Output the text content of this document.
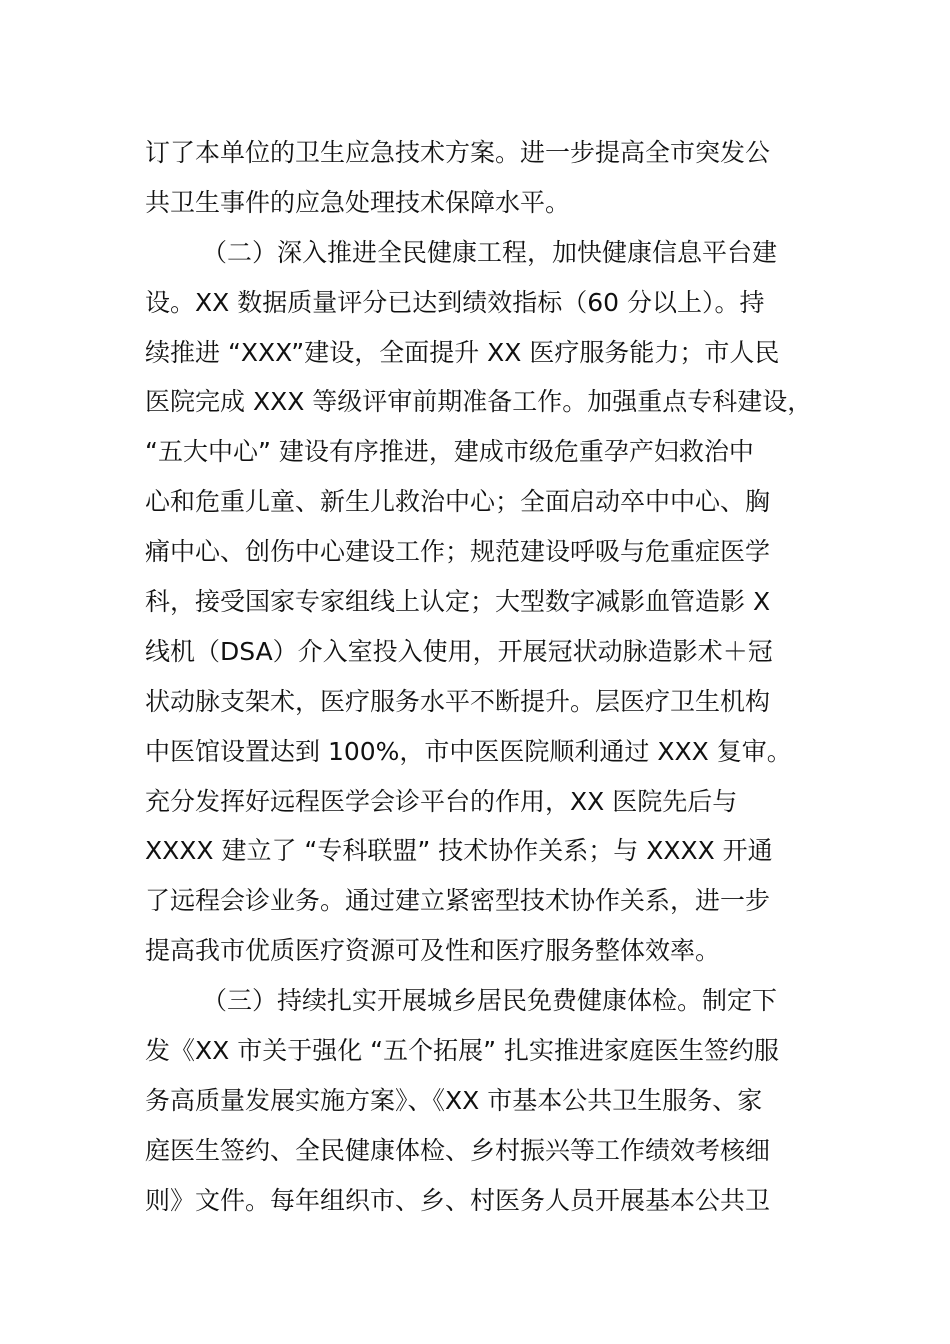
订了本单位的卫生应急技术方案。进一步提高全市突发公
共卫生事件的应急处理技术保障水平。
（二）深入推进全民健康工程，加快健康信息平台建
设。XX 数据质量评分已达到绩效指标（60 分以上）。持
续推进 “XXX”建设，全面提升 XX 医疗服务能力；市人民
医院完成 XXX 等级评审前期准备工作。加强重点专科建设，
“五大中心” 建设有序推进，建成市级危重孕产妇救治中
心和危重儿童、新生儿救治中心；全面启动卒中中心、胸
痛中心、创伤中心建设工作；规范建设呼吸与危重症医学
科，接受国家专家组线上认定；大型数字减影血管造影 X
线机（DSA）介入室投入使用，开展冠状动脉造影术＋冠
状动脉支架术，医疗服务水平不断提升。层医疗卫生机构
中医馆设置达到 100%，市中医医院顺利通过 XXX 复审。
充分发挥好远程医学会诊平台的作用，XX 医院先后与
XXXX 建立了 “专科联盟” 技术协作关系；与 XXXX 开通
了远程会诊业务。通过建立紧密型技术协作关系，进一步
提高我市优质医疗资源可及性和医疗服务整体效率。
（三）持续扎实开展城乡居民免费健康体检。制定下
发《XX 市关于强化 “五个拓展” 扎实推进家庭医生签约服
务高质量发展实施方案》、《XX 市基本公共卫生服务、家
庭医生签约、全民健康体检、乡村振兴等工作绩效考核细
则》文件。每年组织市、乡、村医务人员开展基本公共卫
